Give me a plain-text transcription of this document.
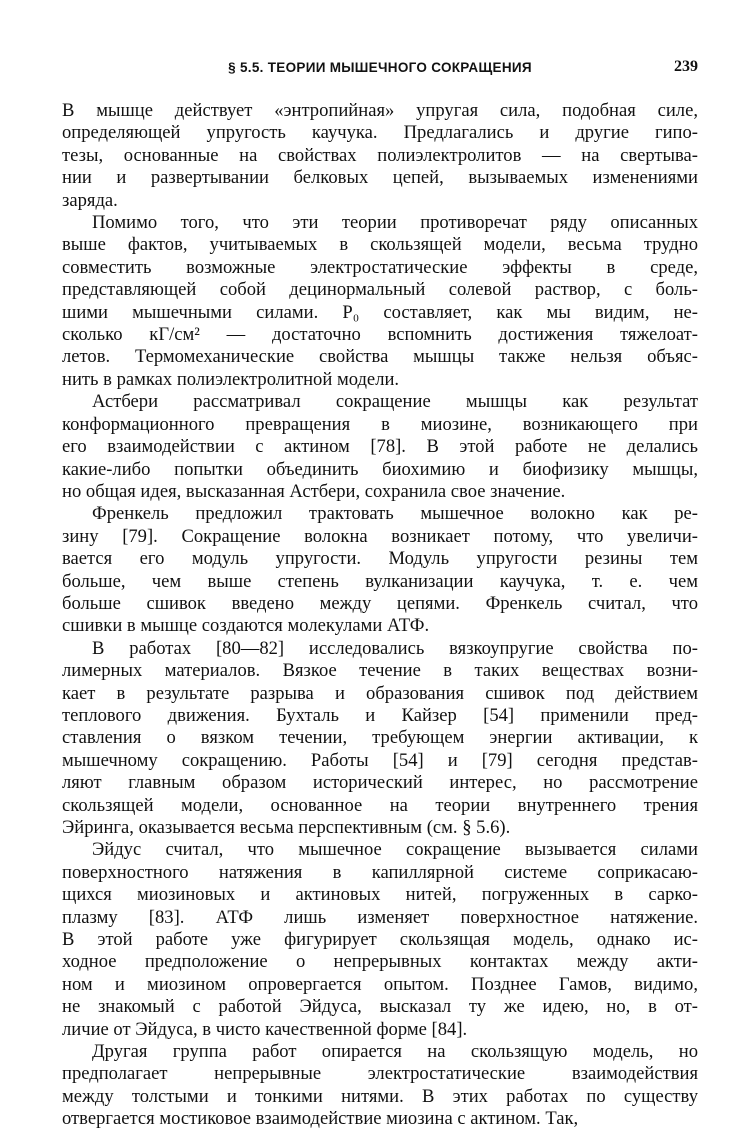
§ 5.5. ТЕОРИИ МЫШЕЧНОГО СОКРАЩЕНИЯ	239

В мышце действует «энтропийная» упругая сила, подобная силе,
определяющей упругость каучука. Предлагались и другие гипо-
тезы, основанные на свойствах полиэлектролитов — на свертыва-
нии и развертывании белковых цепей, вызываемых изменениями
заряда.

Помимо того, что эти теории противоречат ряду описанных
выше фактов, учитываемых в скользящей модели, весьма трудно
совместить возможные электростатические эффекты в среде,
представляющей собой децинормальный солевой раствор, с боль-
шими мышечными силами. P₀ составляет, как мы видим, не-
сколько кГ/см² — достаточно вспомнить достижения тяжелоат-
летов. Термомеханические свойства мышцы также нельзя объяс-
нить в рамках полиэлектролитной модели.

Астбери рассматривал сокращение мышцы как результат
конформационного превращения в миозине, возникающего при
его взаимодействии с актином [78]. В этой работе не делались
какие-либо попытки объединить биохимию и биофизику мышцы,
но общая идея, высказанная Астбери, сохранила свое значение.

Френкель предложил трактовать мышечное волокно как ре-
зину [79]. Сокращение волокна возникает потому, что увеличи-
вается его модуль упругости. Модуль упругости резины тем
больше, чем выше степень вулканизации каучука, т. е. чем
больше сшивок введено между цепями. Френкель считал, что
сшивки в мышце создаются молекулами АТФ.

В работах [80—82] исследовались вязкоупругие свойства по-
лимерных материалов. Вязкое течение в таких веществах возни-
кает в результате разрыва и образования сшивок под действием
теплового движения. Бухталь и Кайзер [54] применили пред-
ставления о вязком течении, требующем энергии активации, к
мышечному сокращению. Работы [54] и [79] сегодня представ-
ляют главным образом исторический интерес, но рассмотрение
скользящей модели, основанное на теории внутреннего трения
Эйринга, оказывается весьма перспективным (см. § 5.6).

Эйдус считал, что мышечное сокращение вызывается силами
поверхностного натяжения в капиллярной системе соприкасаю-
щихся миозиновых и актиновых нитей, погруженных в сарко-
плазму [83]. АТФ лишь изменяет поверхностное натяжение.
В этой работе уже фигурирует скользящая модель, однако ис-
ходное предположение о непрерывных контактах между акти-
ном и миозином опровергается опытом. Позднее Гамов, видимо,
не знакомый с работой Эйдуса, высказал ту же идею, но, в от-
личие от Эйдуса, в чисто качественной форме [84].

Другая группа работ опирается на скользящую модель, но
предполагает непрерывные электростатические взаимодействия
между толстыми и тонкими нитями. В этих работах по существу
отвергается мостиковое взаимодействие миозина с актином. Так,
